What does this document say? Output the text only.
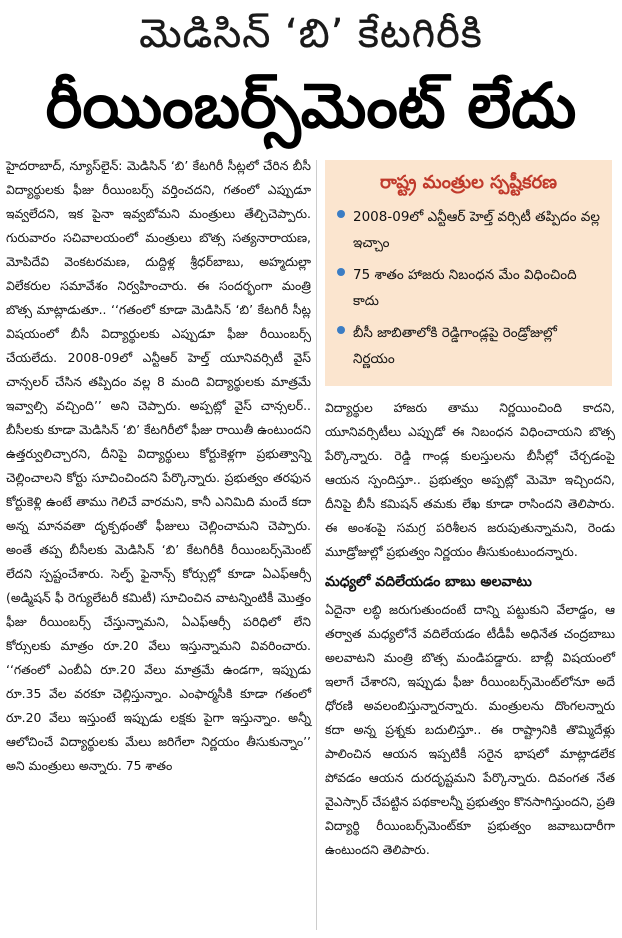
మెడిసిన్ ‘బి’ కేటగిరీకి
రీయింబర్స్‌మెంట్ లేదు

హైదరాబాద్, న్యూస్‌లైన్: మెడిసిన్ ‘బి’ కేటగిరీ సీట్లలో చేరిన బీసీ విద్యార్థులకు ఫీజు రీయింబర్స్ వర్తించదని, గతంలో ఎప్పుడూ ఇవ్వలేదని, ఇక పైనా ఇవ్వబోమని మంత్రులు తేల్చిచెప్పారు. గురువారం సచివాలయంలో మంత్రులు బొత్స సత్యనారాయణ, మోపిదేవి వెంకటరమణ, దుద్దిళ్ల శ్రీధర్‌బాబు, అహ్మదుల్లా విలేకరుల సమావేశం నిర్వహించారు. ఈ సందర్భంగా మంత్రి బొత్స మాట్లాడుతూ.. ‘‘గతంలో కూడా మెడిసిన్ ‘బి’ కేటగిరీ సీట్ల విషయంలో బీసీ విద్యార్థులకు ఎప్పుడూ ఫీజు రీయింబర్స్ చేయలేదు. 2008-09లో ఎన్టీఆర్ హెల్త్ యూనివర్సిటీ వైస్ చాన్సలర్ చేసిన తప్పిదం వల్ల 8 మంది విద్యార్థులకు మాత్రమే ఇవ్వాల్సి వచ్చింది’’ అని చెప్పారు. అప్పట్లో వైస్ చాన్సలర్.. బీసీలకు కూడా మెడిసిన్ ‘బి’ కేటగిరీలో ఫీజు రాయితీ ఉంటుందని ఉత్తర్వులిచ్చారని, దీనిపై విద్యార్థులు కోర్టుకెళ్లగా ప్రభుత్వాన్ని చెల్లించాలని కోర్టు సూచించిందని పేర్కొన్నారు. ప్రభుత్వం తరఫున కోర్టుకెళ్లి ఉంటే తాము గెలిచే వారమని, కానీ ఎనిమిది మందే కదా అన్న మానవతా దృక్పథంతో ఫీజులు చెల్లించామని చెప్పారు. అంతే తప్ప బీసీలకు మెడిసిన్ ‘బి’ కేటగిరీకి రీయింబర్స్‌మెంట్ లేదని స్పష్టంచేశారు. సెల్ఫ్ ఫైనాన్స్ కోర్సుల్లో కూడా ఏఎఫ్ఆర్సీ (అడ్మిషన్ ఫీ రెగ్యులేటరీ కమిటీ) సూచించిన వాటన్నింటికీ మొత్తం ఫీజు రీయింబర్స్ చేస్తున్నామని, ఏఎఫ్ఆర్సీ పరిధిలో లేని కోర్సులకు మాత్రం రూ.20 వేలు ఇస్తున్నామని వివరించారు. ‘‘గతంలో ఎంబీఏ రూ.20 వేలు మాత్రమే ఉండగా, ఇప్పుడు రూ.35 వేల వరకూ చెల్లిస్తున్నాం. ఎంఫార్మసీకి కూడా గతంలో రూ.20 వేలు ఇస్తుంటే ఇప్పుడు లక్షకు పైగా ఇస్తున్నాం. అన్నీ ఆలోచించే విద్యార్థులకు మేలు జరిగేలా నిర్ణయం తీసుకున్నాం’’ అని మంత్రులు అన్నారు. 75 శాతం

రాష్ట్ర మంత్రుల స్పష్టీకరణ
2008-09లో ఎన్టీఆర్ హెల్త్ వర్సిటీ తప్పిదం వల్ల ఇచ్చాం
75 శాతం హాజరు నిబంధన మేం విధించింది కాదు
బీసీ జాబితాలోకి రెడ్డిగాండ్లపై రెండ్రోజుల్లో నిర్ణయం

విద్యార్థుల హాజరు తాము నిర్ణయించింది కాదని, యూనివర్సిటీలు ఎప్పుడో ఈ నిబంధన విధించాయని బొత్స పేర్కొన్నారు. రెడ్డి గాండ్ల కులస్తులను బీసీల్లో చేర్చడంపై ఆయన స్పందిస్తూ.. ప్రభుత్వం అప్పట్లో మెమో ఇచ్చిందని, దీనిపై బీసీ కమిషన్ తమకు లేఖ కూడా రాసిందని తెలిపారు. ఈ అంశంపై సమగ్ర పరిశీలన జరుపుతున్నామని, రెండు మూడ్రోజుల్లో ప్రభుత్వం నిర్ణయం తీసుకుంటుందన్నారు.

మధ్యలో వదిలేయడం బాబు అలవాటు

ఏదైనా లబ్ధి జరుగుతుందంటే దాన్ని పట్టుకుని వేలాడ్డం, ఆ తర్వాత మధ్యలోనే వదిలేయడం టీడీపీ అధినేత చంద్రబాబు అలవాటని మంత్రి బొత్స మండిపడ్డారు. బాబ్లీ విషయంలో ఇలాగే చేశారని, ఇప్పుడు ఫీజు రీయింబర్స్‌మెంట్‌లోనూ అదే ధోరణి అవలంబిస్తున్నారన్నారు. మంత్రులను దొంగలన్నారు కదా అన్న ప్రశ్నకు బదులిస్తూ.. ఈ రాష్ట్రానికి తొమ్మిదేళ్లు పాలించిన ఆయన ఇప్పటికీ సరైన భాషలో మాట్లాడలేక పోవడం ఆయన దురదృష్టమని పేర్కొన్నారు. దివంగత నేత వైఎస్సార్ చేపట్టిన పథకాలన్నీ ప్రభుత్వం కొనసాగిస్తుందని, ప్రతి విద్యార్థి రీయింబర్స్‌మెంట్‌కూ ప్రభుత్వం జవాబుదారీగా ఉంటుందని తెలిపారు.
